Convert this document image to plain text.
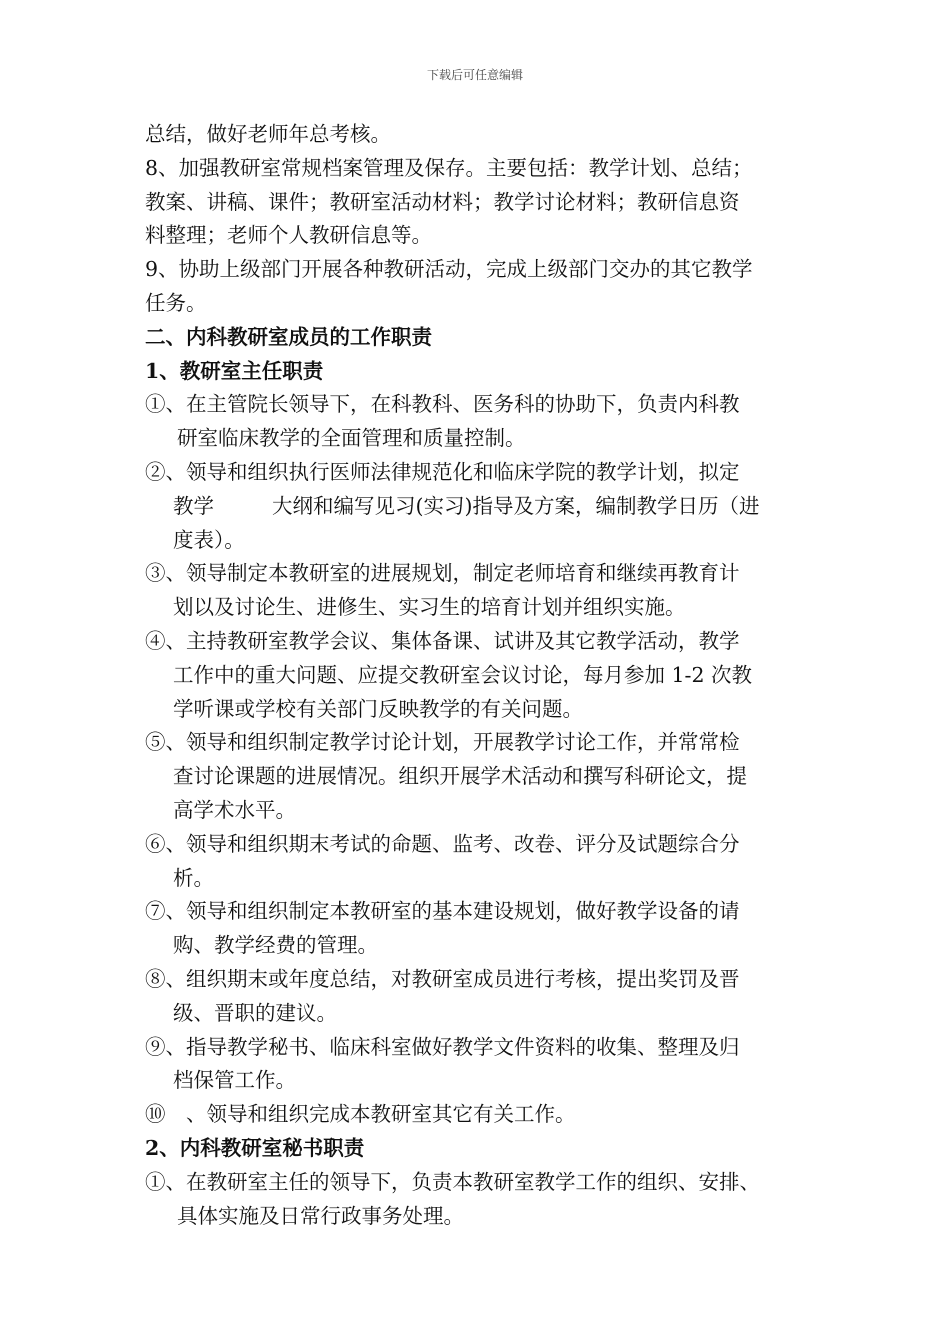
下载后可任意编辑
总结，做好老师年总考核。
8、加强教研室常规档案管理及保存。主要包括：教学计划、总结；
教案、讲稿、课件；教研室活动材料；教学讨论材料；教研信息资
料整理；老师个人教研信息等。
9、协助上级部门开展各种教研活动，完成上级部门交办的其它教学
任务。
二、内科教研室成员的工作职责
1、教研室主任职责
①、在主管院长领导下，在科教科、医务科的协助下，负责内科教
研室临床教学的全面管理和质量控制。
②、领导和组织执行医师法律规范化和临床学院的教学计划，拟定
教学	大纲和编写见习(实习)指导及方案，编制教学日历（进
度表）。
③、领导制定本教研室的进展规划，制定老师培育和继续再教育计
划以及讨论生、进修生、实习生的培育计划并组织实施。
④、主持教研室教学会议、集体备课、试讲及其它教学活动，教学
工作中的重大问题、应提交教研室会议讨论，每月参加 1-2 次教
学听课或学校有关部门反映教学的有关问题。
⑤、领导和组织制定教学讨论计划，开展教学讨论工作，并常常检
查讨论课题的进展情况。组织开展学术活动和撰写科研论文，提
高学术水平。
⑥、领导和组织期末考试的命题、监考、改卷、评分及试题综合分
析。
⑦、领导和组织制定本教研室的基本建设规划，做好教学设备的请
购、教学经费的管理。
⑧、组织期末或年度总结，对教研室成员进行考核，提出奖罚及晋
级、晋职的建议。
⑨、指导教学秘书、临床科室做好教学文件资料的收集、整理及归
档保管工作。
⑩　、领导和组织完成本教研室其它有关工作。
2、内科教研室秘书职责
①、在教研室主任的领导下，负责本教研室教学工作的组织、安排、
具体实施及日常行政事务处理。
